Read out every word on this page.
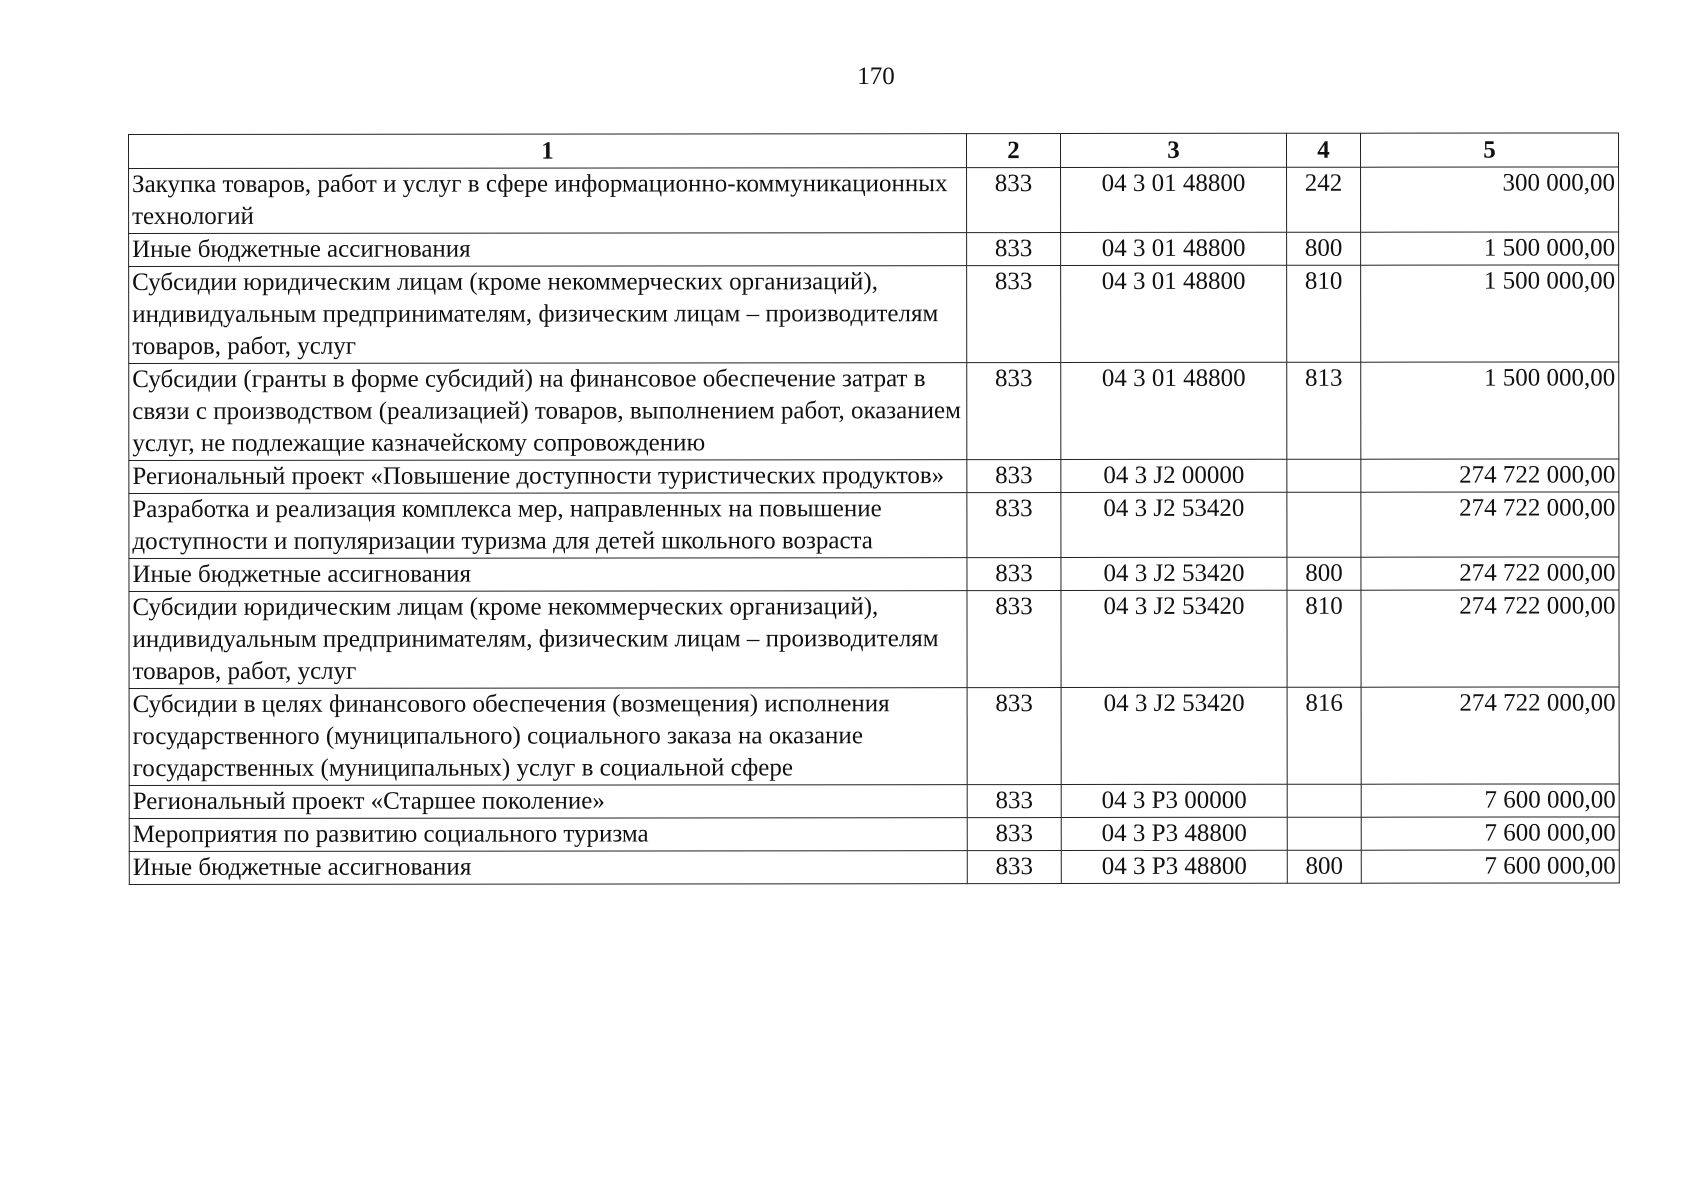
170
1	2	3	4	5
Закупка товаров, работ и услуг в сфере информационно-коммуникационных технологий	833	04 3 01 48800	242	300 000,00
Иные бюджетные ассигнования	833	04 3 01 48800	800	1 500 000,00
Субсидии юридическим лицам (кроме некоммерческих организаций), индивидуальным предпринимателям, физическим лицам – производителям товаров, работ, услуг	833	04 3 01 48800	810	1 500 000,00
Субсидии (гранты в форме субсидий) на финансовое обеспечение затрат в связи с производством (реализацией) товаров, выполнением работ, оказанием услуг, не подлежащие казначейскому сопровождению	833	04 3 01 48800	813	1 500 000,00
Региональный проект «Повышение доступности туристических продуктов»	833	04 3 J2 00000		274 722 000,00
Разработка и реализация комплекса мер, направленных на повышение доступности и популяризации туризма для детей школьного возраста	833	04 3 J2 53420		274 722 000,00
Иные бюджетные ассигнования	833	04 3 J2 53420	800	274 722 000,00
Субсидии юридическим лицам (кроме некоммерческих организаций), индивидуальным предпринимателям, физическим лицам – производителям товаров, работ, услуг	833	04 3 J2 53420	810	274 722 000,00
Субсидии в целях финансового обеспечения (возмещения) исполнения государственного (муниципального) социального заказа на оказание государственных (муниципальных) услуг в социальной сфере	833	04 3 J2 53420	816	274 722 000,00
Региональный проект «Старшее поколение»	833	04 3 P3 00000		7 600 000,00
Мероприятия по развитию социального туризма	833	04 3 P3 48800		7 600 000,00
Иные бюджетные ассигнования	833	04 3 P3 48800	800	7 600 000,00
